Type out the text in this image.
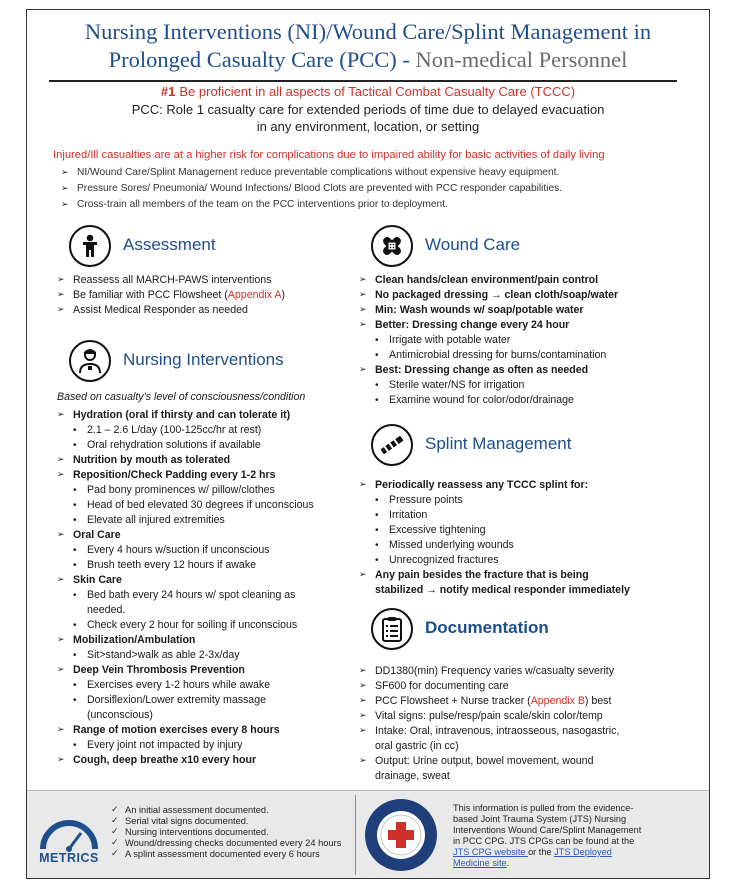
Nursing Interventions (NI)/Wound Care/Splint Management in
Prolonged Casualty Care (PCC) - Non-medical Personnel
#1 Be proficient in all aspects of Tactical Combat Casualty Care (TCCC)
PCC: Role 1 casualty care for extended periods of time due to delayed evacuation
in any environment, location, or setting
Injured/Ill casualties are at a higher risk for complications due to impaired ability for basic activities of daily living
➢ NI/Wound Care/Splint Management reduce preventable complications without expensive heavy equipment.
➢ Pressure Sores/ Pneumonia/ Wound Infections/ Blood Clots are prevented with PCC responder capabilities.
➢ Cross-train all members of the team on the PCC interventions prior to deployment.
Assessment
➢ Reassess all MARCH-PAWS interventions
➢ Be familiar with PCC Flowsheet (Appendix A)
➢ Assist Medical Responder as needed
Nursing Interventions
Based on casualty’s level of consciousness/condition
➢ Hydration (oral if thirsty and can tolerate it)
• 2.1 – 2.6 L/day (100-125cc/hr at rest)
• Oral rehydration solutions if available
➢ Nutrition by mouth as tolerated
➢ Reposition/Check Padding every 1-2 hrs
• Pad bony prominences w/ pillow/clothes
• Head of bed elevated 30 degrees if unconscious
• Elevate all injured extremities
➢ Oral Care
• Every 4 hours w/suction if unconscious
• Brush teeth every 12 hours if awake
➢ Skin Care
• Bed bath every 24 hours w/ spot cleaning as
needed.
• Check every 2 hour for soiling if unconscious
➢ Mobilization/Ambulation
• Sit>stand>walk as able 2-3x/day
➢ Deep Vein Thrombosis Prevention
• Exercises every 1-2 hours while awake
• Dorsiflexion/Lower extremity massage
(unconscious)
➢ Range of motion exercises every 8 hours
• Every joint not impacted by injury
➢ Cough, deep breathe x10 every hour
Wound Care
➢ Clean hands/clean environment/pain control
➢ No packaged dressing → clean cloth/soap/water
➢ Min: Wash wounds w/ soap/potable water
➢ Better: Dressing change every 24 hour
• Irrigate with potable water
• Antimicrobial dressing for burns/contamination
➢ Best: Dressing change as often as needed
• Sterile water/NS for irrigation
• Examine wound for color/odor/drainage
Splint Management
➢ Periodically reassess any TCCC splint for:
• Pressure points
• Irritation
• Excessive tightening
• Missed underlying wounds
• Unrecognized fractures
➢ Any pain besides the fracture that is being
stabilized → notify medical responder immediately
Documentation
➢ DD1380(min) Frequency varies w/casualty severity
➢ SF600 for documenting care
➢ PCC Flowsheet + Nurse tracker (Appendix B) best
➢ Vital signs: pulse/resp/pain scale/skin color/temp
➢ Intake: Oral, intravenous, intraosseous, nasogastric,
oral gastric (in cc)
➢ Output: Urine output, bowel movement, wound
drainage, sweat
METRICS
✓ An initial assessment documented.
✓ Serial vital signs documented.
✓ Nursing interventions documented.
✓ Wound/dressing checks documented every 24 hours
✓ A splint assessment documented every 6 hours
This information is pulled from the evidence-based Joint Trauma System (JTS) Nursing Interventions Wound Care/Splint Management in PCC CPG. JTS CPGs can be found at the JTS CPG website or the JTS Deployed Medicine site.
